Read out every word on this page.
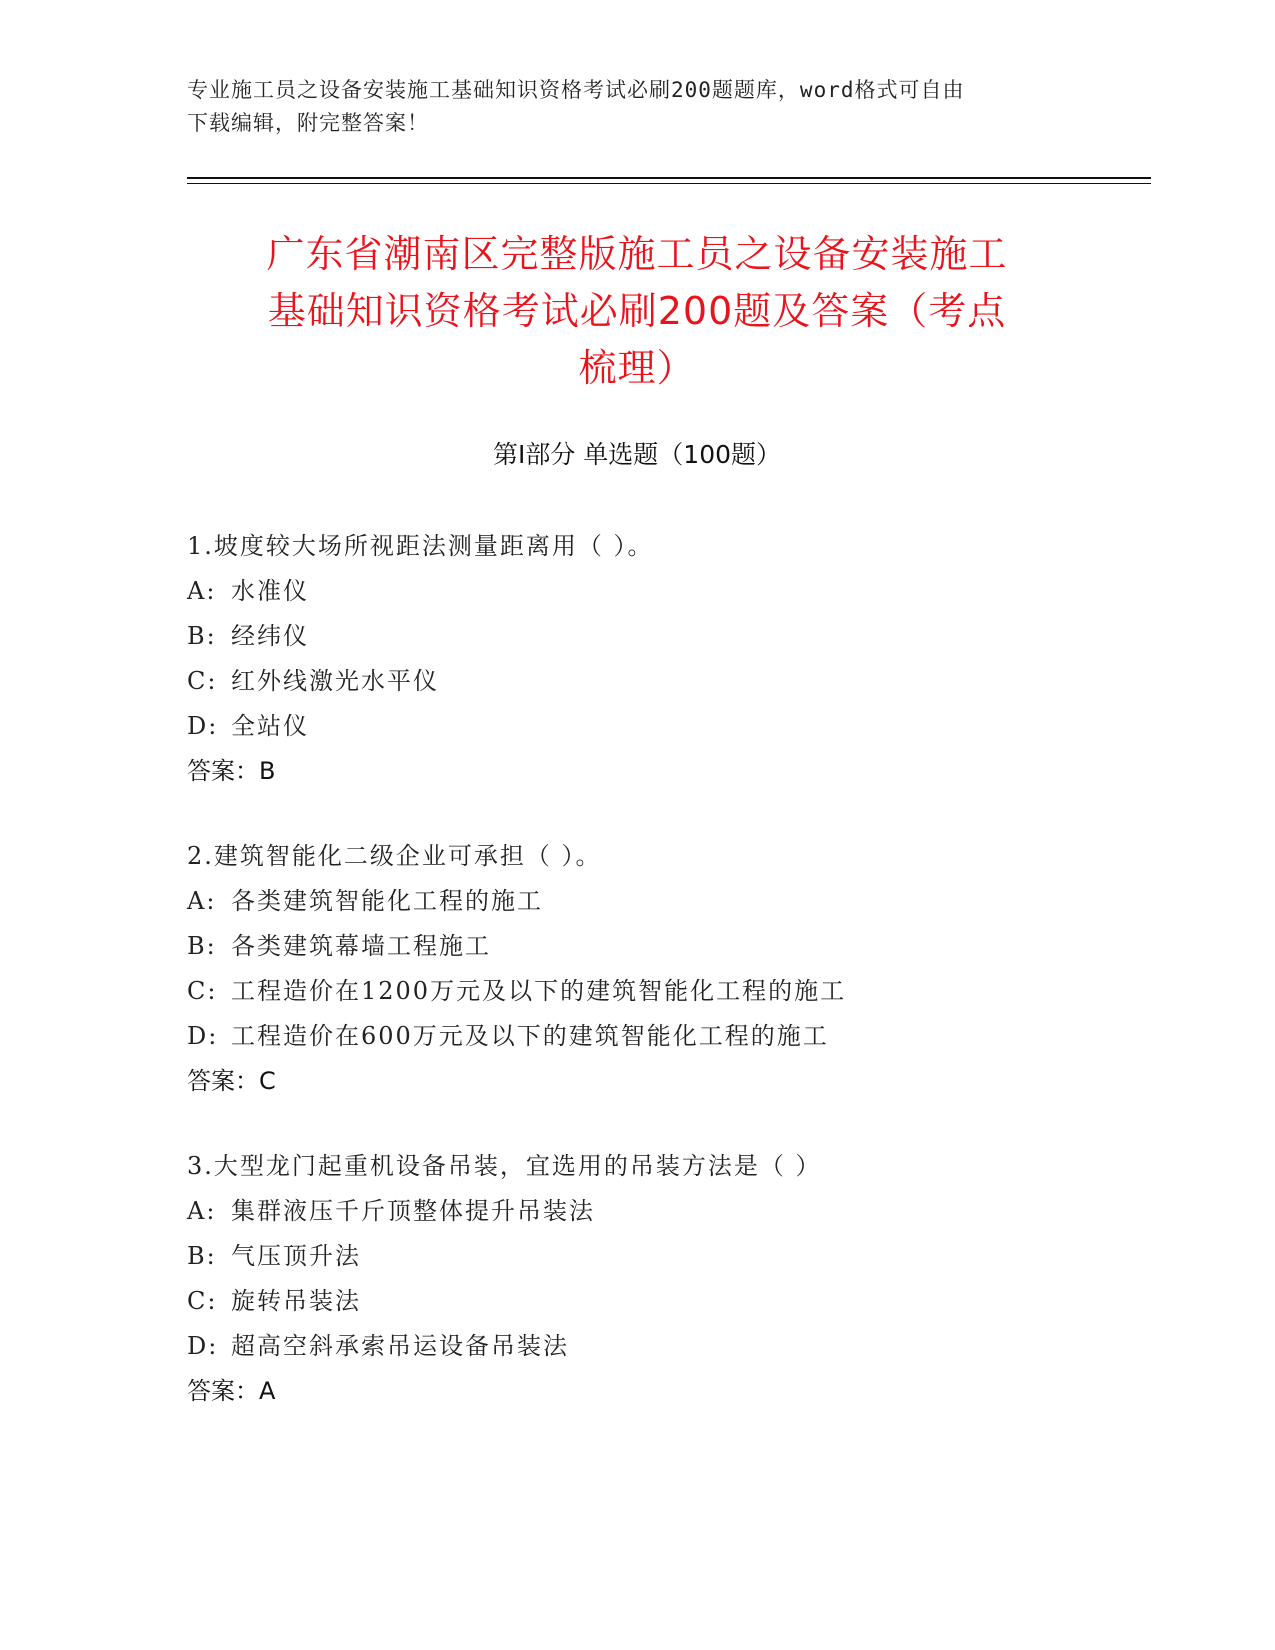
专业施工员之设备安装施工基础知识资格考试必刷200题题库，word格式可自由
下载编辑，附完整答案！
广东省潮南区完整版施工员之设备安装施工
基础知识资格考试必刷200题及答案（考点
梳理）
第Ⅰ部分 单选题（100题）
1.坡度较大场所视距法测量距离用（ ）。
A: 水准仪
B: 经纬仪
C: 红外线激光水平仪
D: 全站仪
答案：B
2.建筑智能化二级企业可承担（ ）。
A: 各类建筑智能化工程的施工
B: 各类建筑幕墙工程施工
C: 工程造价在1200万元及以下的建筑智能化工程的施工
D: 工程造价在600万元及以下的建筑智能化工程的施工
答案：C
3.大型龙门起重机设备吊装，宜选用的吊装方法是（ ）
A: 集群液压千斤顶整体提升吊装法
B: 气压顶升法
C: 旋转吊装法
D: 超高空斜承索吊运设备吊装法
答案：A
